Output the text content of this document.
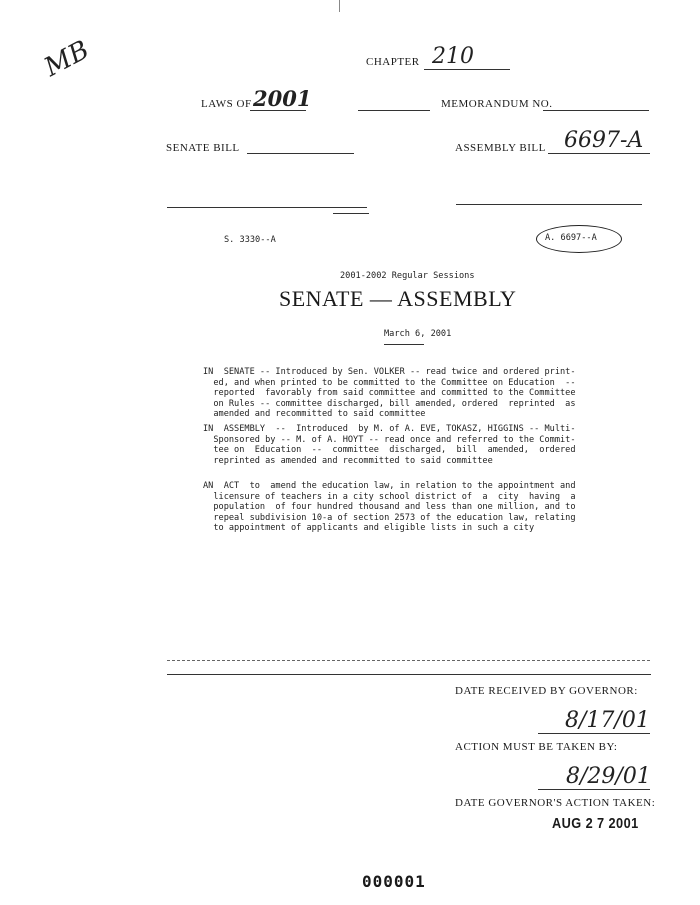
MB	CHAPTER 210
LAWS OF 2001	MEMORANDUM NO.
SENATE BILL	ASSEMBLY BILL 6697-A
S. 3330--A	A. 6697--A
2001-2002 Regular Sessions
SENATE — ASSEMBLY
March 6, 2001
IN  SENATE -- Introduced by Sen. VOLKER -- read twice and ordered print-
ed, and when printed to be committed to the Committee on Education  --
reported  favorably from said committee and committed to the Committee
on Rules -- committee discharged, bill amended, ordered  reprinted  as
amended and recommitted to said committee
IN  ASSEMBLY  --  Introduced  by M. of A. EVE, TOKASZ, HIGGINS -- Multi-
Sponsored by -- M. of A. HOYT -- read once and referred to the Commit-
tee on  Education  --  committee  discharged,  bill  amended,  ordered
reprinted as amended and recommitted to said committee
AN  ACT  to  amend the education law, in relation to the appointment and
licensure of teachers in a city school district of  a  city  having  a
population  of four hundred thousand and less than one million, and to
repeal subdivision 10-a of section 2573 of the education law, relating
to appointment of applicants and eligible lists in such a city
DATE RECEIVED BY GOVERNOR:
8/17/01
ACTION MUST BE TAKEN BY:
8/29/01
DATE GOVERNOR'S ACTION TAKEN:
AUG 2 7 2001
000001
